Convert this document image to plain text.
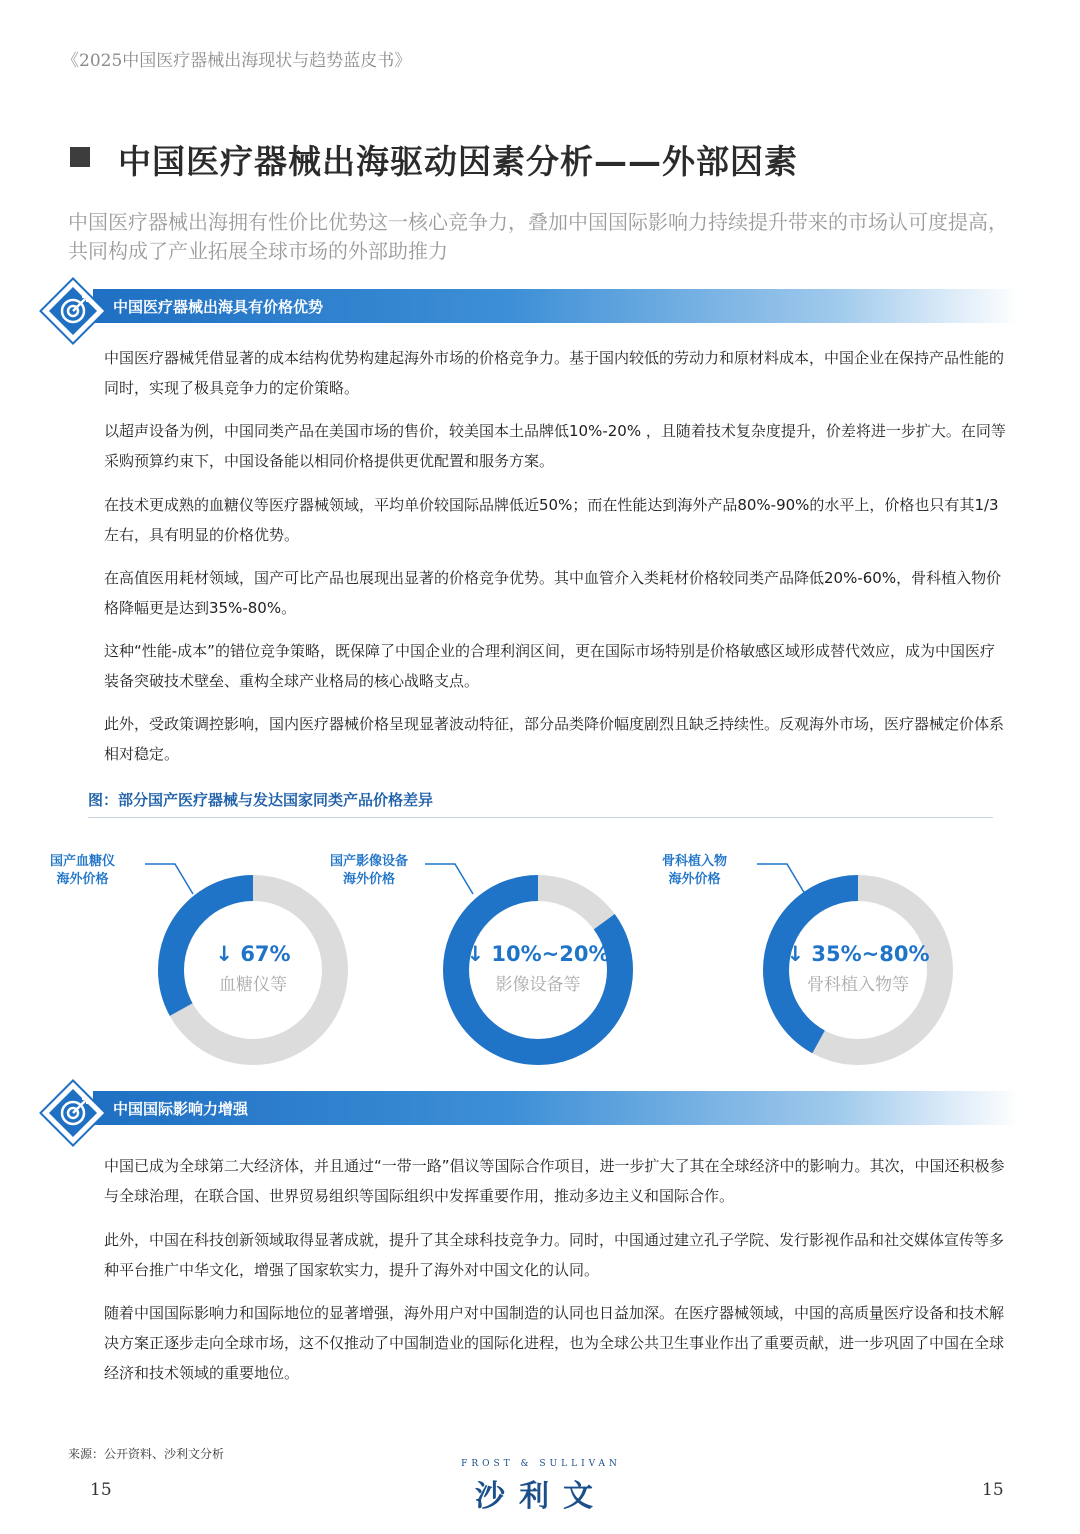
《2025中国医疗器械出海现状与趋势蓝皮书》
中国医疗器械出海驱动因素分析——外部因素
中国医疗器械出海拥有性价比优势这一核心竞争力，叠加中国国际影响力持续提升带来的市场认可度提高，共同构成了产业拓展全球市场的外部助推力
中国医疗器械出海具有价格优势
中国医疗器械凭借显著的成本结构优势构建起海外市场的价格竞争力。基于国内较低的劳动力和原材料成本，中国企业在保持产品性能的同时，实现了极具竞争力的定价策略。
以超声设备为例，中国同类产品在美国市场的售价，较美国本土品牌低10%-20% ，且随着技术复杂度提升，价差将进一步扩大。在同等采购预算约束下，中国设备能以相同价格提供更优配置和服务方案。
在技术更成熟的血糖仪等医疗器械领域，平均单价较国际品牌低近50%；而在性能达到海外产品80%-90%的水平上，价格也只有其1/3左右，具有明显的价格优势。
在高值医用耗材领域，国产可比产品也展现出显著的价格竞争优势。其中血管介入类耗材价格较同类产品降低20%-60%，骨科植入物价格降幅更是达到35%-80%。
这种“性能-成本”的错位竞争策略，既保障了中国企业的合理利润区间，更在国际市场特别是价格敏感区域形成替代效应，成为中国医疗装备突破技术壁垒、重构全球产业格局的核心战略支点。
此外，受政策调控影响，国内医疗器械价格呈现显著波动特征，部分品类降价幅度剧烈且缺乏持续性。反观海外市场，医疗器械定价体系相对稳定。
图：部分国产医疗器械与发达国家同类产品价格差异
↓ 67%
血糖仪等
国产血糖仪
海外价格
↓ 10%~20%
影像设备等
国产影像设备
海外价格
↓ 35%~80%
骨科植入物等
骨科植入物
海外价格
中国国际影响力增强
中国已成为全球第二大经济体，并且通过“一带一路”倡议等国际合作项目，进一步扩大了其在全球经济中的影响力。其次，中国还积极参与全球治理，在联合国、世界贸易组织等国际组织中发挥重要作用，推动多边主义和国际合作。
此外，中国在科技创新领域取得显著成就，提升了其全球科技竞争力。同时，中国通过建立孔子学院、发行影视作品和社交媒体宣传等多种平台推广中华文化，增强了国家软实力，提升了海外对中国文化的认同。
随着中国国际影响力和国际地位的显著增强，海外用户对中国制造的认同也日益加深。在医疗器械领域，中国的高质量医疗设备和技术解决方案正逐步走向全球市场，这不仅推动了中国制造业的国际化进程，也为全球公共卫生事业作出了重要贡献，进一步巩固了中国在全球经济和技术领域的重要地位。
来源：公开资料、沙利文分析
15	15
FROST & SULLIVAN
沙利文
